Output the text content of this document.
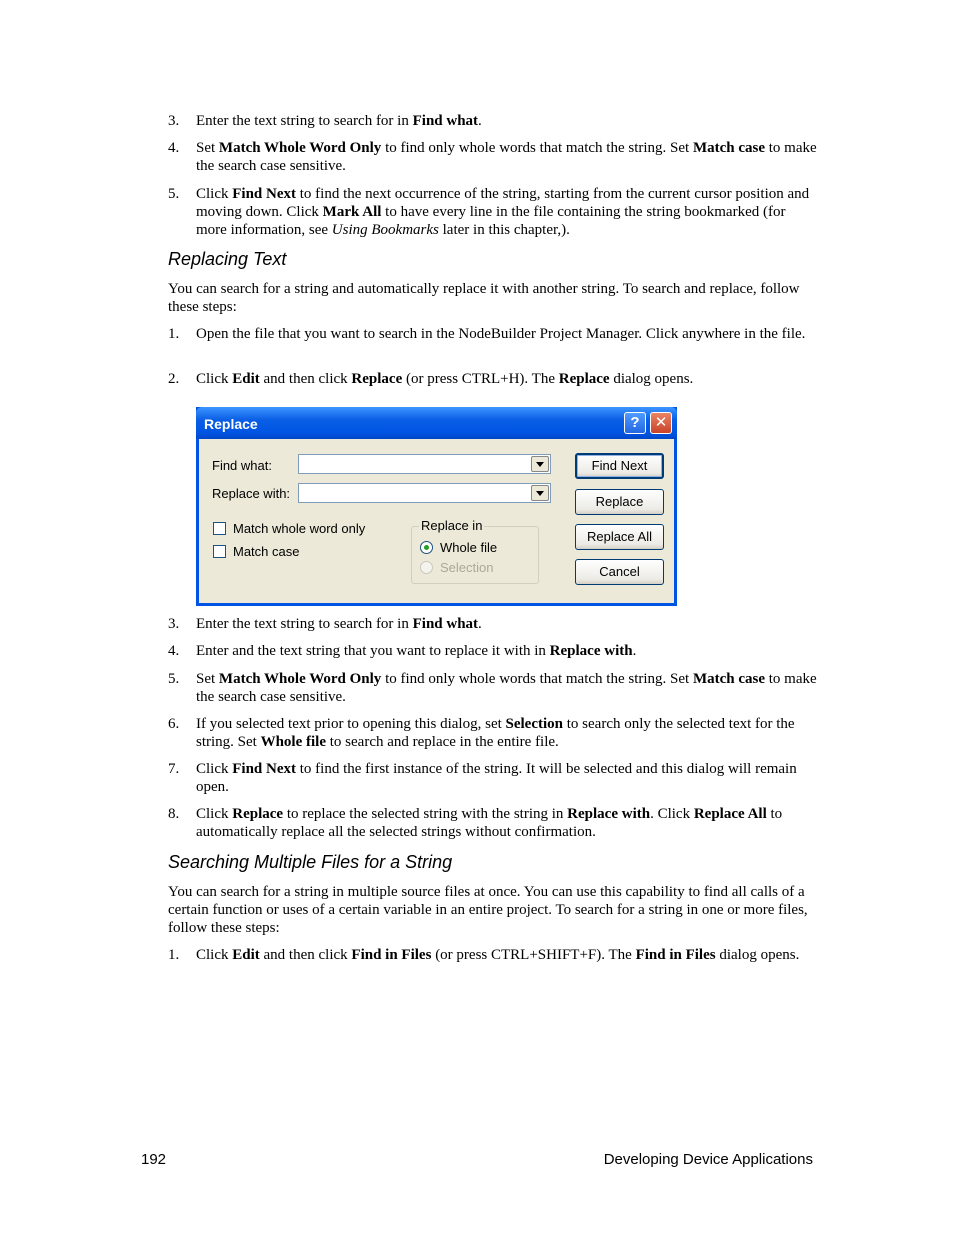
3. Enter the text string to search for in Find what.
4. Set Match Whole Word Only to find only whole words that match the string. Set Match case to make the search case sensitive.
5. Click Find Next to find the next occurrence of the string, starting from the current cursor position and moving down. Click Mark All to have every line in the file containing the string bookmarked (for more information, see Using Bookmarks later in this chapter,).
Replacing Text
You can search for a string and automatically replace it with another string. To search and replace, follow these steps:
1. Open the file that you want to search in the NodeBuilder Project Manager. Click anywhere in the file.
2. Click Edit and then click Replace (or press CTRL+H). The Replace dialog opens.
Replace	?	✕
Find what:
Replace with:
Match whole word only
Match case
Replace in
Whole file
Selection
Find Next
Replace
Replace All
Cancel
3. Enter the text string to search for in Find what.
4. Enter and the text string that you want to replace it with in Replace with.
5. Set Match Whole Word Only to find only whole words that match the string. Set Match case to make the search case sensitive.
6. If you selected text prior to opening this dialog, set Selection to search only the selected text for the string. Set Whole file to search and replace in the entire file.
7. Click Find Next to find the first instance of the string. It will be selected and this dialog will remain open.
8. Click Replace to replace the selected string with the string in Replace with. Click Replace All to automatically replace all the selected strings without confirmation.
Searching Multiple Files for a String
You can search for a string in multiple source files at once. You can use this capability to find all calls of a certain function or uses of a certain variable in an entire project. To search for a string in one or more files, follow these steps:
1. Click Edit and then click Find in Files (or press CTRL+SHIFT+F). The Find in Files dialog opens.
192	Developing Device Applications
